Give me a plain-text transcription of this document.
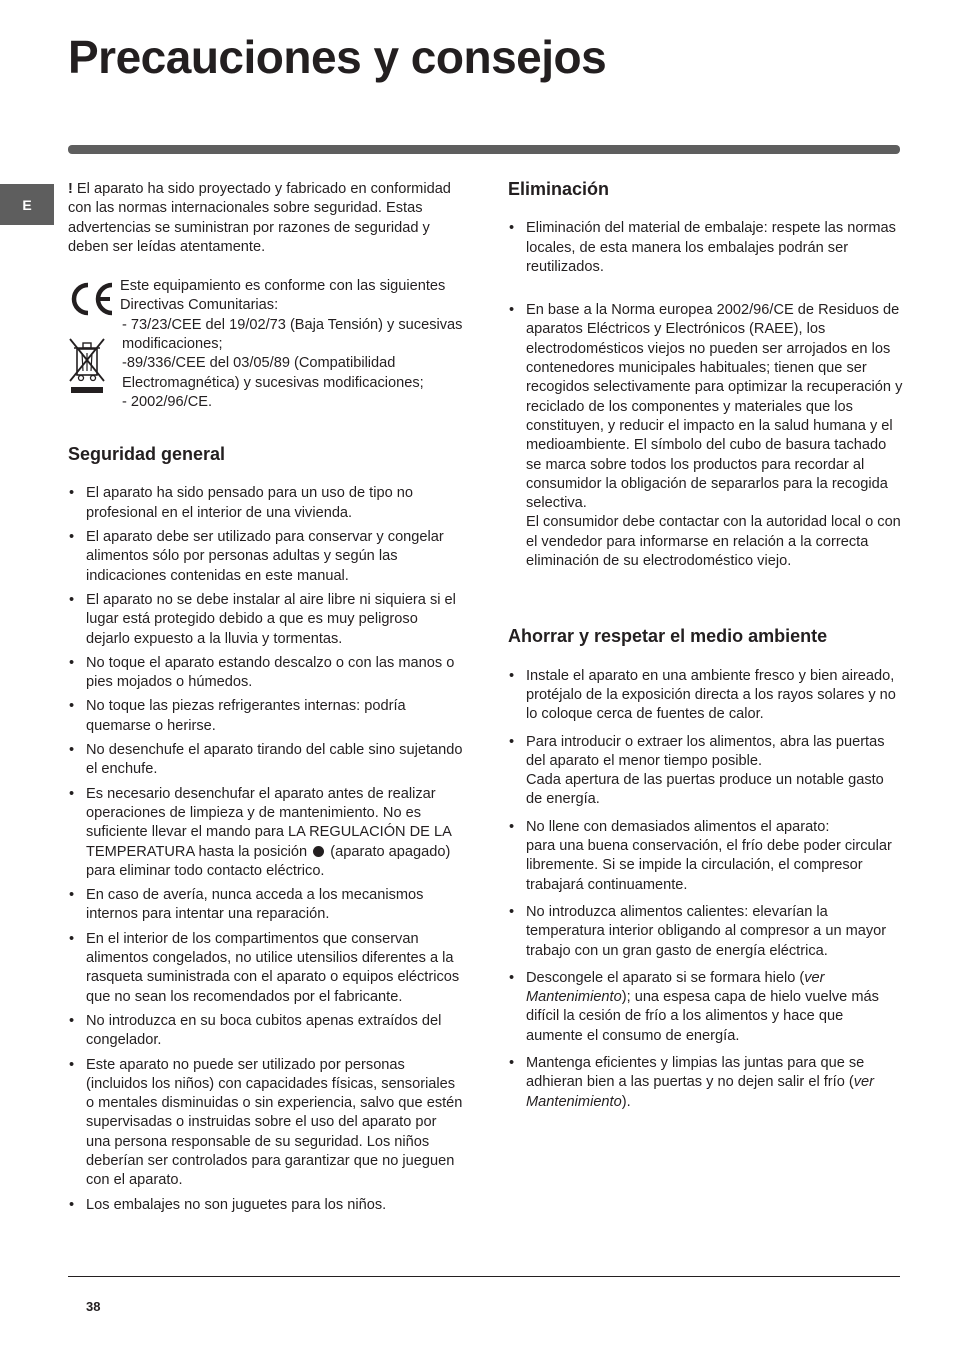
Precauciones y consejos
E

! El aparato ha sido proyectado y fabricado en conformidad con las normas internacionales sobre seguridad. Estas advertencias se suministran por razones de seguridad y deben ser leídas atentamente.

Este equipamiento es conforme con las siguientes Directivas Comunitarias:

- 73/23/CEE del 19/02/73 (Baja Tensión) y sucesivas modificaciones;

-89/336/CEE del 03/05/89 (Compatibilidad Electromagnética) y sucesivas modificaciones;

- 2002/96/CE.

Seguridad general
• El aparato ha sido pensado para un uso de tipo no profesional en el interior de una vivienda.
• El aparato debe ser utilizado para conservar y congelar alimentos sólo por personas adultas y según las indicaciones contenidas en este manual.
• El aparato no se debe instalar al aire libre ni siquiera si el lugar está protegido debido a que es muy peligroso dejarlo expuesto a la lluvia y tormentas.
• No toque el aparato estando descalzo o con las manos o pies mojados o húmedos.
• No toque las piezas refrigerantes internas: podría quemarse o herirse.
• No desenchufe el aparato tirando del cable sino sujetando el enchufe.
• Es necesario desenchufar el aparato antes de realizar operaciones de limpieza y de mantenimiento. No es suficiente llevar el mando para LA REGULACIÓN DE LA TEMPERATURA hasta la posición  (aparato apagado) para eliminar todo contacto eléctrico.
• En caso de avería, nunca acceda a los mecanismos internos para intentar una reparación.
• En el interior de los compartimentos que conservan alimentos congelados, no utilice utensilios diferentes a la rasqueta suministrada con el aparato o equipos eléctricos que no sean los recomendados por el fabricante.
• No introduzca en su boca cubitos apenas extraídos del congelador.
• Este aparato no puede ser utilizado por personas (incluidos los niños) con capacidades físicas, sensoriales o mentales disminuidas o sin experiencia, salvo que estén supervisadas o instruidas sobre el uso del aparato por una persona responsable de su seguridad. Los niños deberían ser controlados para garantizar que no jueguen con el aparato.
• Los embalajes no son juguetes para los niños.
Eliminación
• Eliminación del material de embalaje: respete las normas locales, de esta manera los embalajes podrán ser reutilizados.
• En base a la Norma europea 2002/96/CE de Residuos de aparatos Eléctricos y Electrónicos (RAEE), los electrodomésticos viejos no pueden ser arrojados en los contenedores municipales habituales; tienen que ser recogidos selectivamente para optimizar la recuperación y reciclado de los componentes y materiales que los constituyen, y reducir el impacto en la salud humana y el medioambiente. El símbolo del cubo de basura tachado se marca sobre todos los productos para recordar al consumidor la obligación de separarlos para la recogida selectiva.
El consumidor debe contactar con la autoridad local o con el vendedor para informarse en relación a la correcta eliminación de su electrodoméstico viejo.
Ahorrar y respetar el medio ambiente
• Instale el aparato en una ambiente fresco y bien aireado, protéjalo de la exposición directa a los rayos solares y no lo coloque cerca de fuentes de calor.
• Para introducir o extraer los alimentos, abra las puertas del aparato el menor tiempo posible.
Cada apertura de las puertas produce un notable gasto de energía.
• No llene con demasiados alimentos el aparato:
para una buena conservación, el frío debe poder circular libremente. Si se impide la circulación, el compresor trabajará continuamente.
• No introduzca alimentos calientes: elevarían la temperatura interior obligando al compresor a un mayor trabajo con un gran gasto de energía eléctrica.
• Descongele el aparato si se formara hielo (ver Mantenimiento); una espesa capa de hielo vuelve más difícil la cesión de frío a los alimentos y hace que aumente el consumo de energía.
• Mantenga eficientes y limpias las juntas para que se adhieran bien a las puertas y no dejen salir el frío (ver Mantenimiento).
38
